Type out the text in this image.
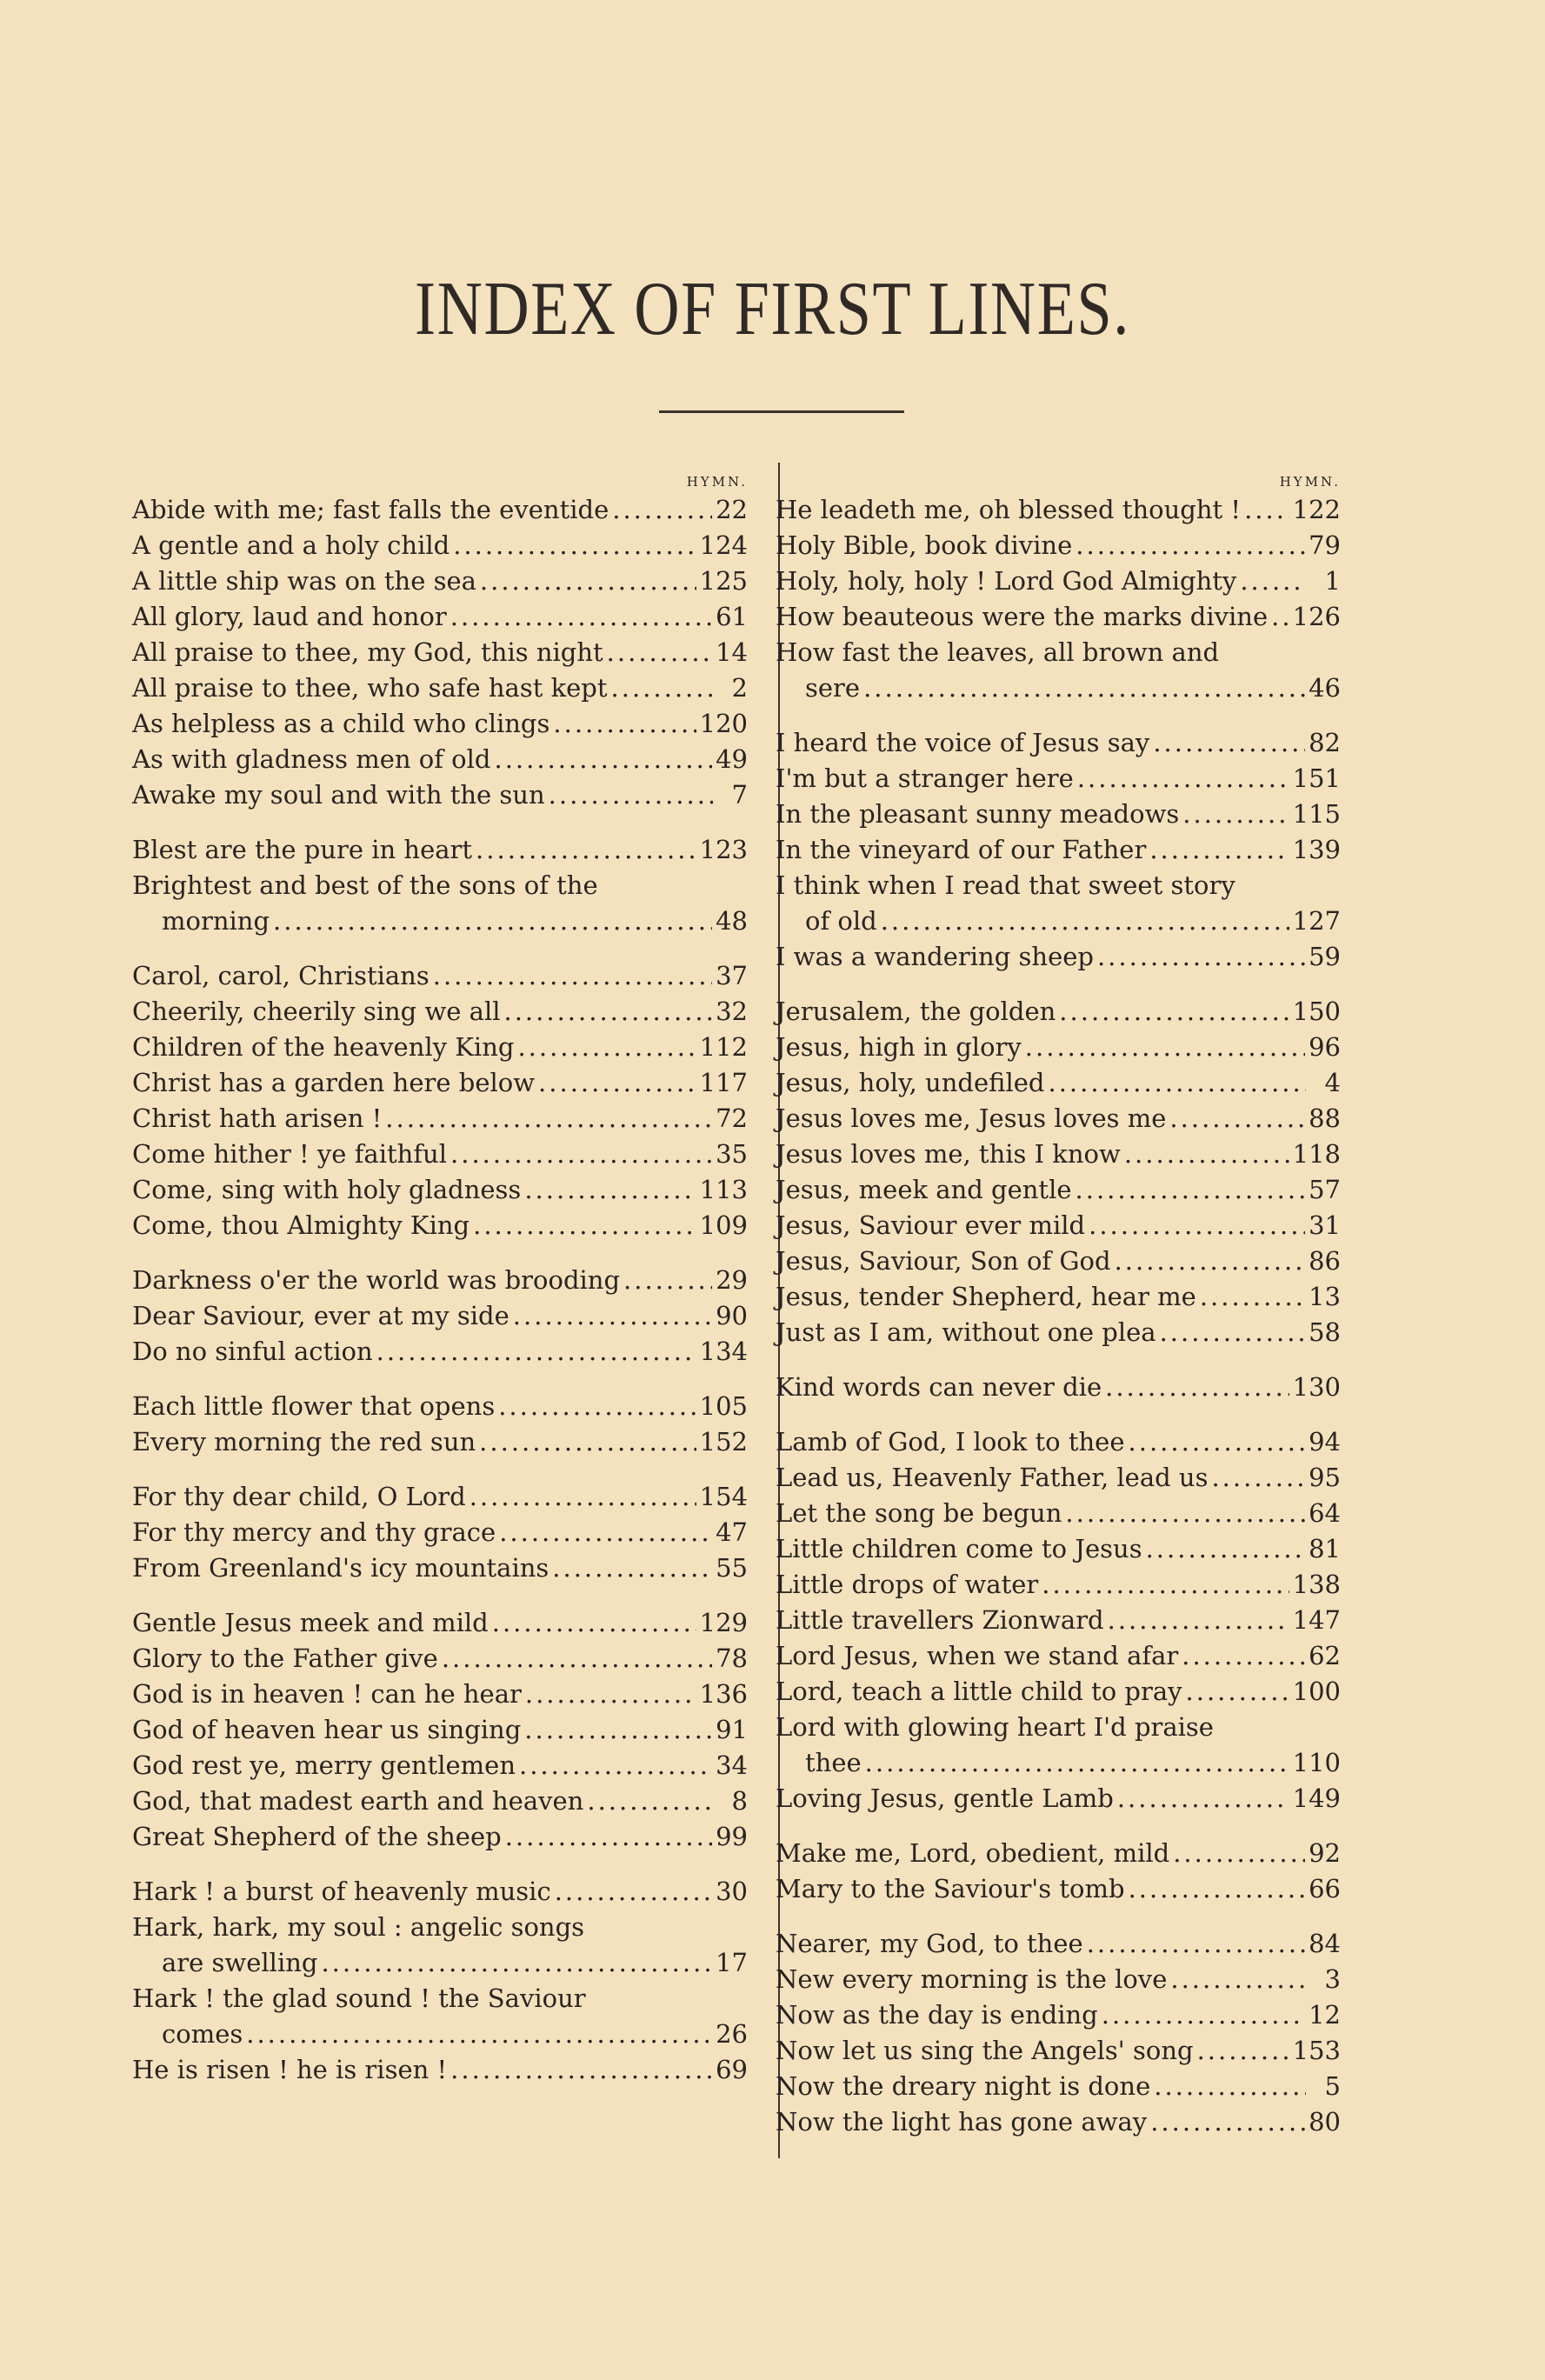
INDEX OF FIRST LINES.
HYMN.
Abide with me; fast falls the eventide .....	22
A gentle and a holy child .....	124
A little ship was on the sea .....	125
All glory, laud and honor .....	61
All praise to thee, my God, this night .....	14
All praise to thee, who safe hast kept .....	2
As helpless as a child who clings .....	120
As with gladness men of old .....	49
Awake my soul and with the sun .....	7
Blest are the pure in heart .....	123
Brightest and best of the sons of the
morning .....	48
Carol, carol, Christians .....	37
Cheerily, cheerily sing we all .....	32
Children of the heavenly King .....	112
Christ has a garden here below .....	117
Christ hath arisen ! .....	72
Come hither ! ye faithful .....	35
Come, sing with holy gladness .....	113
Come, thou Almighty King .....	109
Darkness o'er the world was brooding .....	29
Dear Saviour, ever at my side .....	90
Do no sinful action .....	134
Each little flower that opens .....	105
Every morning the red sun .....	152
For thy dear child, O Lord .....	154
For thy mercy and thy grace .....	47
From Greenland's icy mountains .....	55
Gentle Jesus meek and mild .....	129
Glory to the Father give .....	78
God is in heaven ! can he hear .....	136
God of heaven hear us singing .....	91
God rest ye, merry gentlemen .....	34
God, that madest earth and heaven .....	8
Great Shepherd of the sheep .....	99
Hark ! a burst of heavenly music .....	30
Hark, hark, my soul : angelic songs
are swelling .....	17
Hark ! the glad sound ! the Saviour
comes .....	26
He is risen ! he is risen ! .....	69
HYMN.
He leadeth me, oh blessed thought ! ..... 122
Holy Bible, book divine .....	79
Holy, holy, holy ! Lord God Almighty .....	1
How beauteous were the marks divine ..... 126
How fast the leaves, all brown and
sere .....	46
I heard the voice of Jesus say .....	82
I'm but a stranger here .....	151
In the pleasant sunny meadows .....	115
In the vineyard of our Father .....	139
I think when I read that sweet story
of old .....	127
I was a wandering sheep .....	59
Jerusalem, the golden .....	150
Jesus, high in glory .....	96
Jesus, holy, undefiled .....	4
Jesus loves me, Jesus loves me .....	88
Jesus loves me, this I know .....	118
Jesus, meek and gentle .....	57
Jesus, Saviour ever mild .....	31
Jesus, Saviour, Son of God .....	86
Jesus, tender Shepherd, hear me .....	13
Just as I am, without one plea .....	58
Kind words can never die .....	130
Lamb of God, I look to thee .....	94
Lead us, Heavenly Father, lead us .....	95
Let the song be begun .....	64
Little children come to Jesus .....	81
Little drops of water .....	138
Little travellers Zionward .....	147
Lord Jesus, when we stand afar .....	62
Lord, teach a little child to pray .....	100
Lord with glowing heart I'd praise
thee .....	110
Loving Jesus, gentle Lamb .....	149
Make me, Lord, obedient, mild .....	92
Mary to the Saviour's tomb .....	66
Nearer, my God, to thee .....	84
New every morning is the love .....	3
Now as the day is ending .....	12
Now let us sing the Angels' song .....	153
Now the dreary night is done .....	5
Now the light has gone away .....	80
